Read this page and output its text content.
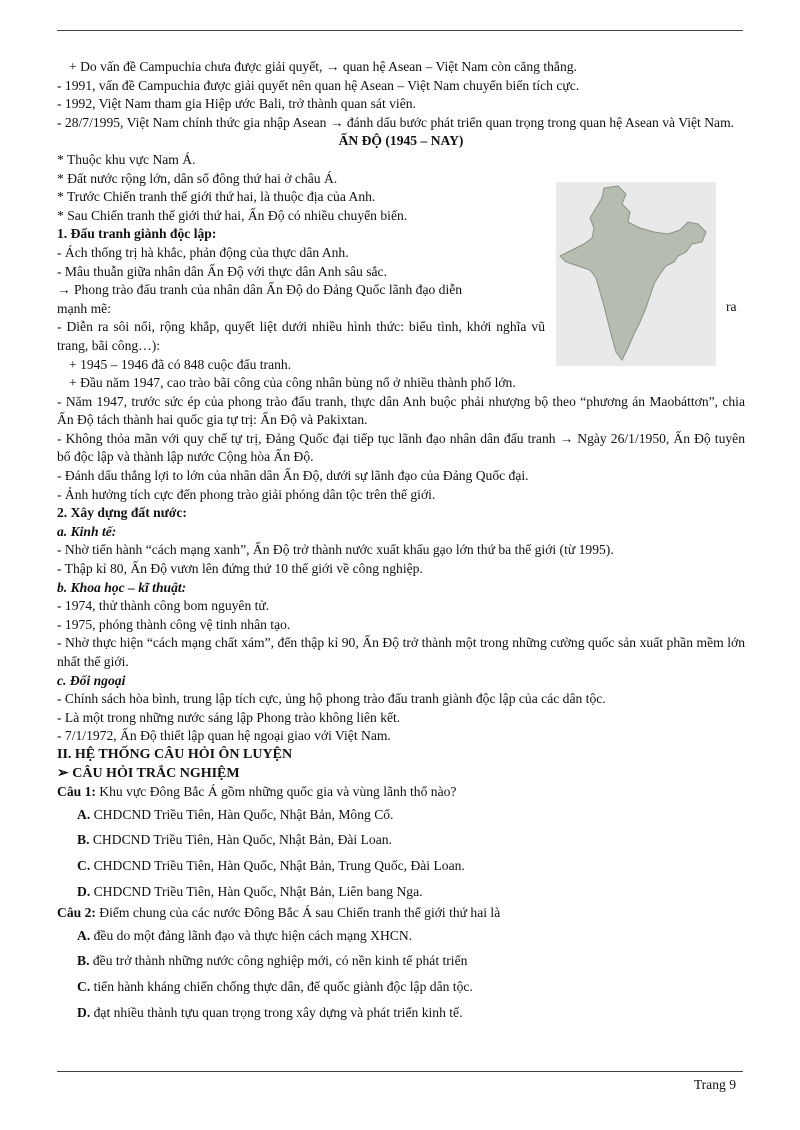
+ Do vấn đề Campuchia chưa được giải quyết, → quan hệ Asean – Việt Nam còn căng thẳng.

- 1991, vấn đề Campuchia được giải quyết nên quan hệ Asean – Việt Nam chuyển biến tích cực.

- 1992, Việt Nam tham gia Hiệp ước Bali, trở thành quan sát viên.

- 28/7/1995, Việt Nam chính thức gia nhập Asean → đánh dấu bước phát triển quan trọng trong quan hệ Asean và Việt Nam.

ẤN ĐỘ (1945 – NAY)

* Thuộc khu vực Nam Á.

* Đất nước rộng lớn, dân số đông thứ hai ở châu Á.

* Trước Chiến tranh thế giới thứ hai, là thuộc địa của Anh.

* Sau Chiến tranh thế giới thứ hai, Ấn Độ có nhiều chuyển biến.

1. Đấu tranh giành độc lập:

- Ách thống trị hà khắc, phản động của thực dân Anh.

- Mâu thuẫn giữa nhân dân Ấn Độ với thực dân Anh sâu sắc.

→ Phong trào đấu tranh của nhân dân Ấn Độ do Đảng Quốc lãnh đạo diễn

mạnh mẽ:

- Diễn ra sôi nổi, rộng khắp, quyết liệt dưới nhiều hình thức: biểu tình, khởi nghĩa vũ trang, bãi công…):

+ 1945 – 1946 đã có 848 cuộc đấu tranh.

+ Đầu năm 1947, cao trào bãi công của công nhân bùng nổ ở nhiều thành phố lớn.

- Năm 1947, trước sức ép của phong trào đấu tranh, thực dân Anh buộc phải nhượng bộ theo “phương án Maobáttơn”, chia Ấn Độ tách thành hai quốc gia tự trị: Ấn Độ và Pakixtan.

- Không thỏa mãn với quy chế tự trị, Đảng Quốc đại tiếp tục lãnh đạo nhân dân đấu tranh → Ngày 26/1/1950, Ấn Độ tuyên bố độc lập và thành lập nước Cộng hòa Ấn Độ.

- Đánh dấu thắng lợi to lớn của nhân dân Ấn Độ, dưới sự lãnh đạo của Đảng Quốc đại.

- Ảnh hưởng tích cực đến phong trào giải phóng dân tộc trên thế giới.

2. Xây dựng đất nước:

a. Kinh tế:

- Nhờ tiến hành “cách mạng xanh”, Ấn Độ trở thành nước xuất khẩu gạo lớn thứ ba thế giới (từ 1995).

- Thập kỉ 80, Ấn Độ vươn lên đứng thứ 10 thế giới về công nghiệp.

b. Khoa học – kĩ thuật:

- 1974, thử thành công bom nguyên tử.

- 1975, phóng thành công vệ tinh nhân tạo.

- Nhờ thực hiện “cách mạng chất xám”, đến thập kỉ 90, Ấn Độ trở thành một trong những cường quốc sản xuất phần mềm lớn nhất thế giới.

c. Đối ngoại

- Chính sách hòa bình, trung lập tích cực, ủng hộ phong trào đấu tranh giành độc lập của các dân tộc.

- Là một trong những nước sáng lập Phong trào không liên kết.

- 7/1/1972, Ấn Độ thiết lập quan hệ ngoại giao với Việt Nam.

II. HỆ THỐNG CÂU HỎI ÔN LUYỆN

➢ CÂU HỎI TRẮC NGHIỆM

Câu 1: Khu vực Đông Bắc Á gồm những quốc gia và vùng lãnh thổ nào?

A. CHDCND Triều Tiên, Hàn Quốc, Nhật Bản, Mông Cổ.

B. CHDCND Triều Tiên, Hàn Quốc, Nhật Bản, Đài Loan.

C. CHDCND Triều Tiên, Hàn Quốc, Nhật Bản, Trung Quốc, Đài Loan.

D. CHDCND Triều Tiên, Hàn Quốc, Nhật Bản, Liên bang Nga.

Câu 2: Điểm chung của các nước Đông Bắc Á sau Chiến tranh thế giới thứ hai là

A. đều do một đảng lãnh đạo và thực hiện cách mạng XHCN.

B. đều trở thành những nước công nghiệp mới, có nền kinh tế phát triển

C. tiến hành kháng chiến chống thực dân, đế quốc giành độc lập dân tộc.

D. đạt nhiều thành tựu quan trọng trong xây dựng và phát triển kinh tế.

ra
Trang 9
